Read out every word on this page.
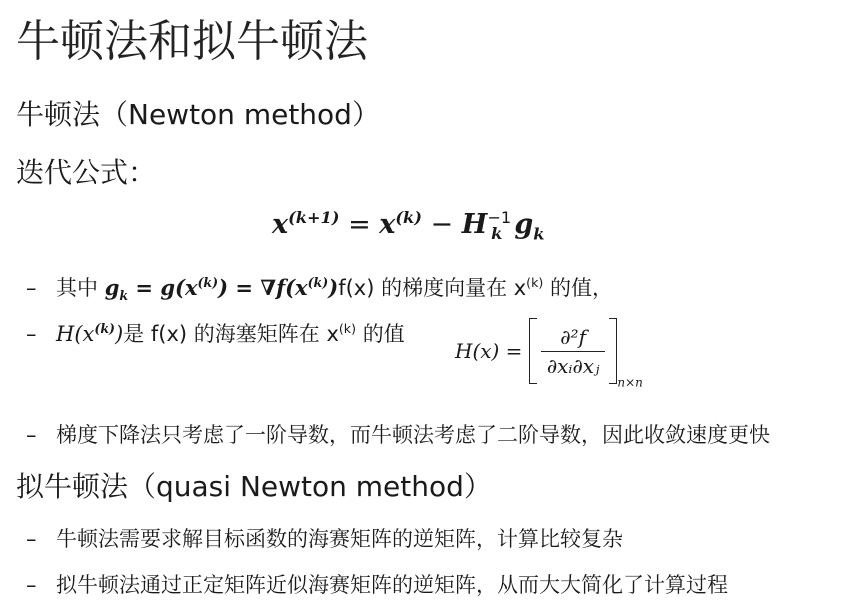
牛顿法和拟牛顿法
牛顿法（Newton method）
迭代公式：
$x^{(k+1)} = x^{(k)} - H^{-1}_k$ $g_k$
– 其中 $g_k = g(x^{(k)}) = \nabla f(x^{(k)})f(x)$ 的梯度向量在 $x^{(k)}$ 的值，
– $H(x^{(k)})$是 f(x) 的海塞矩阵在 $x^{(k)}$ 的值
$H(x) = \frac{\text{∂²f}}{\text{∂xᵢ∂xⱼ}}$
$_{n\times n}$
– 梯度下降法只考虑了一阶导数，而牛顿法考虑了二阶导数，因此收敛速度更快
拟牛顿法（quasi Newton method）
– 牛顿法需要求解目标函数的海赛矩阵的逆矩阵，计算比较复杂
– 拟牛顿法通过正定矩阵近似海赛矩阵的逆矩阵，从而大大简化了计算过程
